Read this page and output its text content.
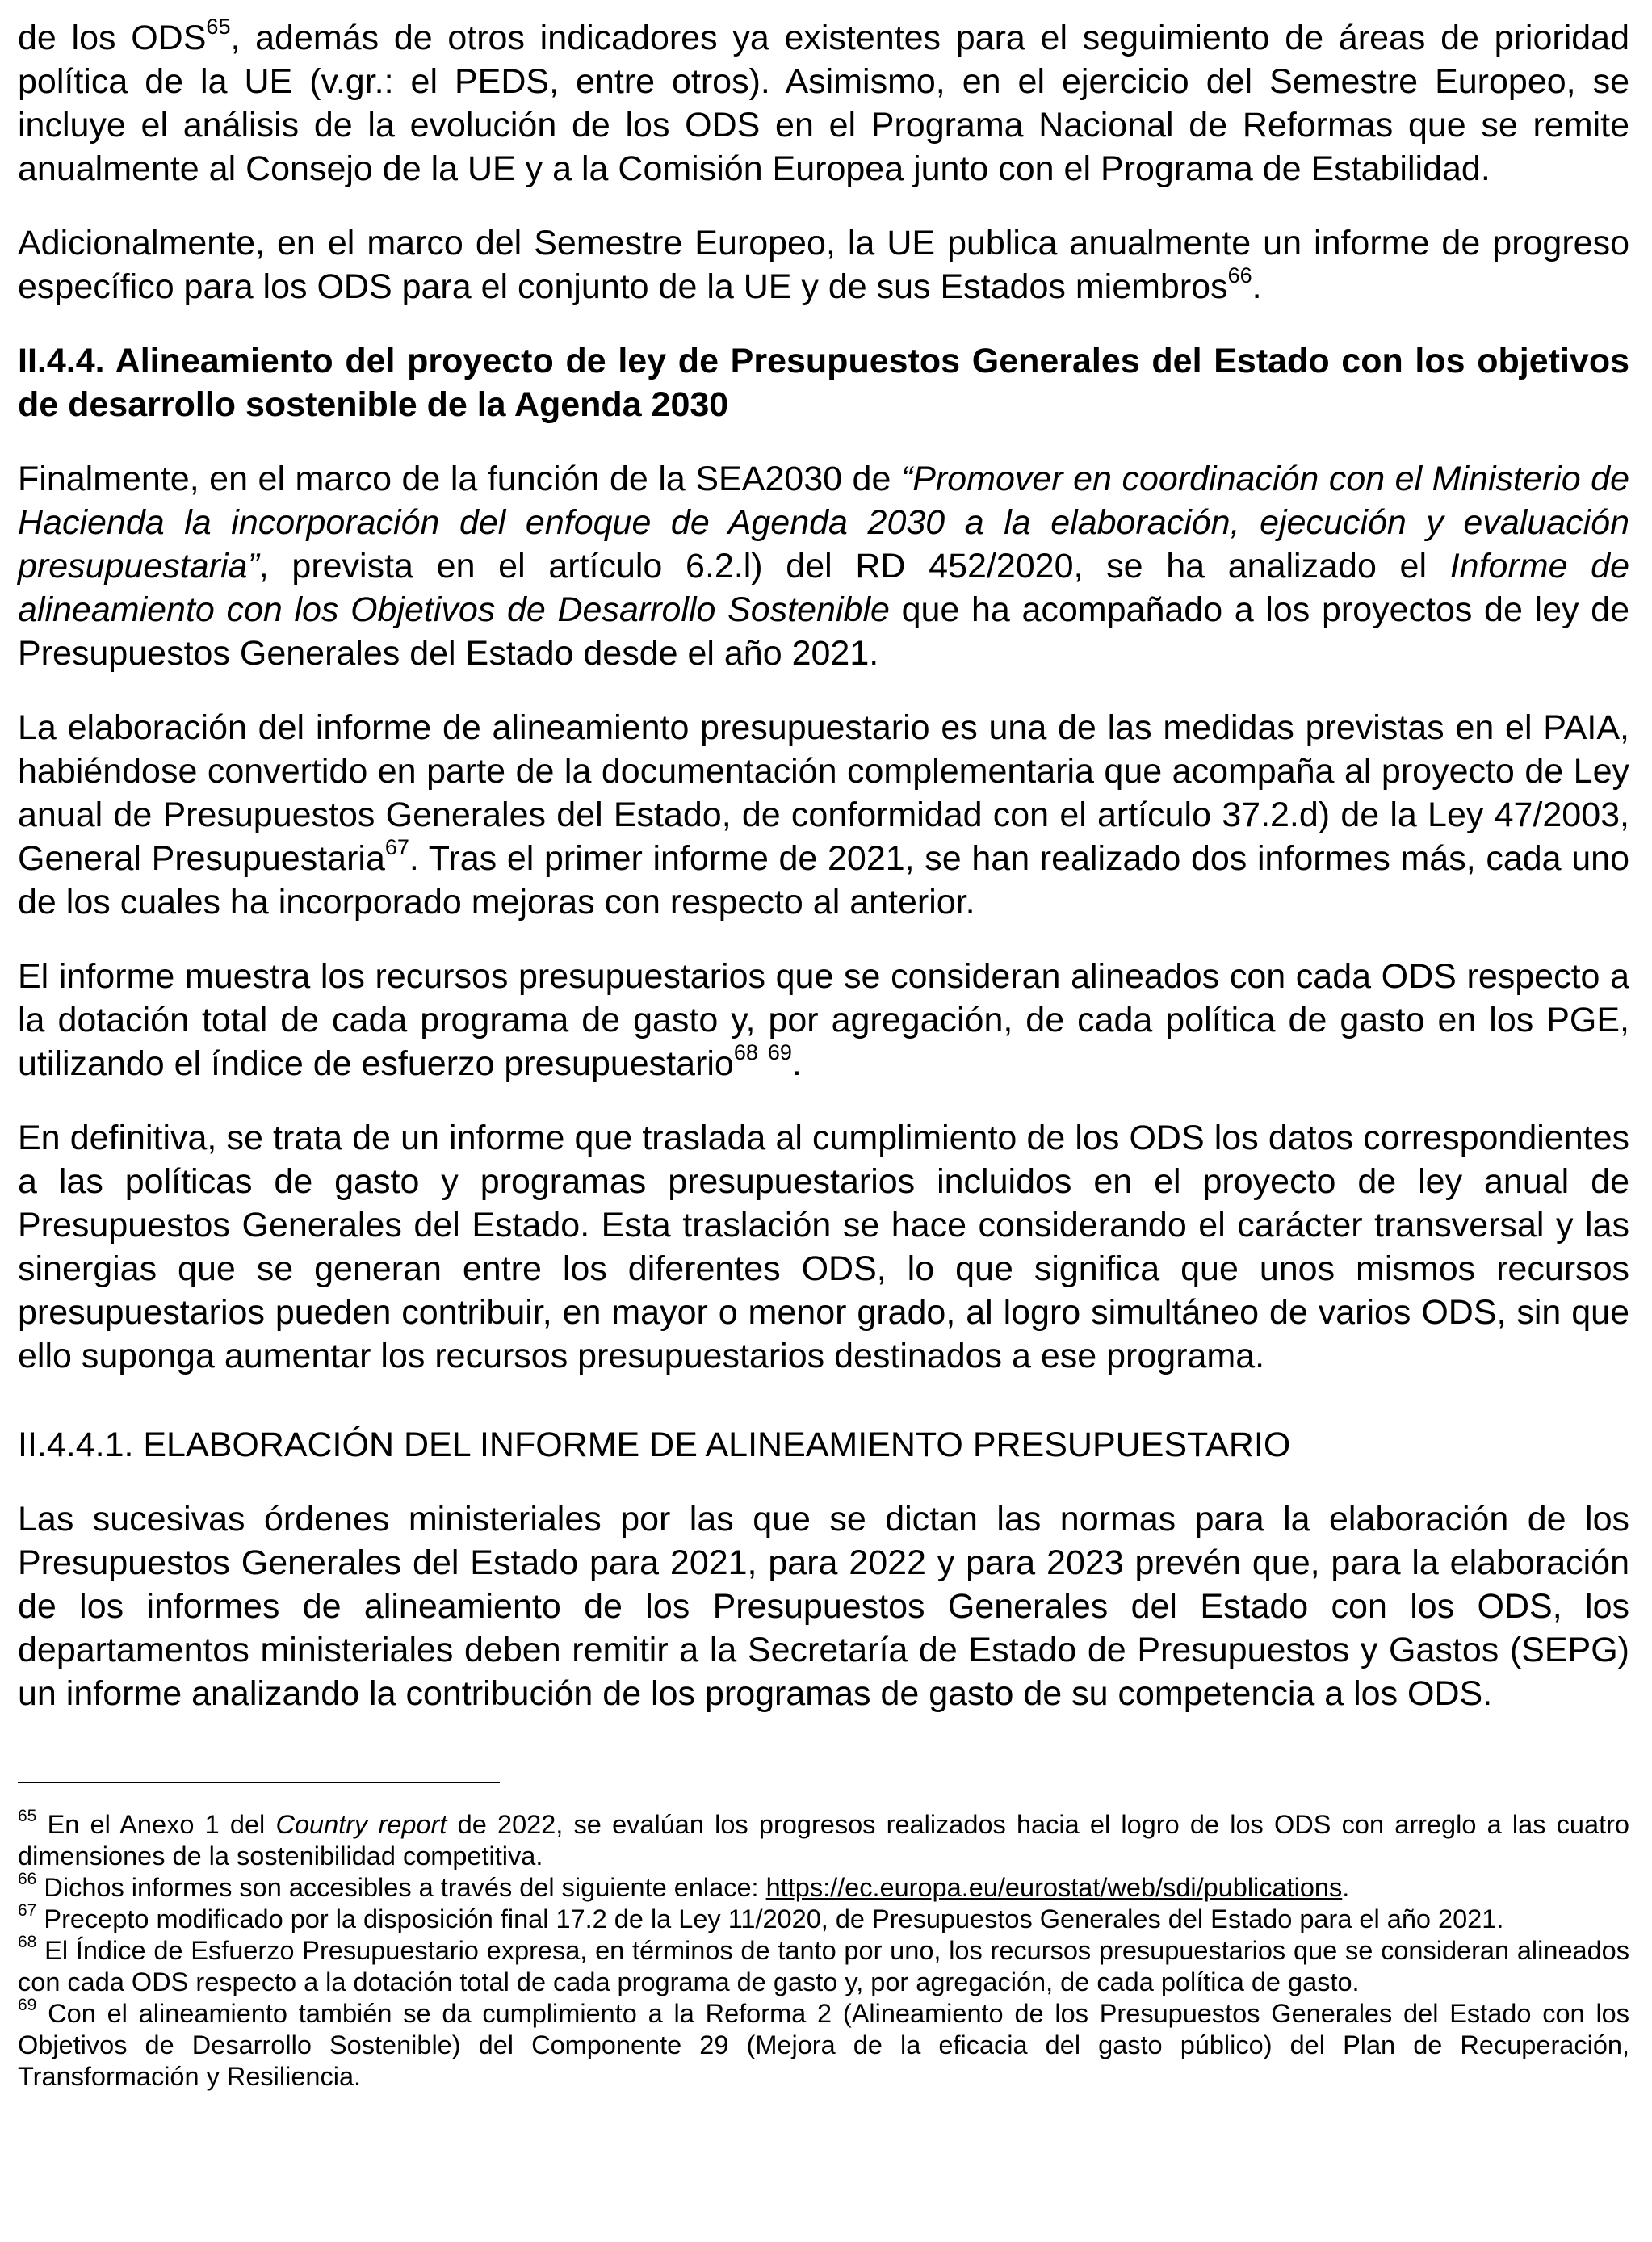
de los ODS$^{65}$, además de otros indicadores ya existentes para el seguimiento de áreas de prioridad política de la UE (v.gr.: el PEDS, entre otros). Asimismo, en el ejercicio del Semestre Europeo, se incluye el análisis de la evolución de los ODS en el Programa Nacional de Reformas que se remite anualmente al Consejo de la UE y a la Comisión Europea junto con el Programa de Estabilidad.

Adicionalmente, en el marco del Semestre Europeo, la UE publica anualmente un informe de progreso específico para los ODS para el conjunto de la UE y de sus Estados miembros$^{66}$.

II.4.4. Alineamiento del proyecto de ley de Presupuestos Generales del Estado con los objetivos de desarrollo sostenible de la Agenda 2030

Finalmente, en el marco de la función de la SEA2030 de “Promover en coordinación con el Ministerio de Hacienda la incorporación del enfoque de Agenda 2030 a la elaboración, ejecución y evaluación presupuestaria”, prevista en el artículo 6.2.l) del RD 452/2020, se ha analizado el Informe de alineamiento con los Objetivos de Desarrollo Sostenible que ha acompañado a los proyectos de ley de Presupuestos Generales del Estado desde el año 2021.

La elaboración del informe de alineamiento presupuestario es una de las medidas previstas en el PAIA, habiéndose convertido en parte de la documentación complementaria que acompaña al proyecto de Ley anual de Presupuestos Generales del Estado, de conformidad con el artículo 37.2.d) de la Ley 47/2003, General Presupuestaria$^{67}$. Tras el primer informe de 2021, se han realizado dos informes más, cada uno de los cuales ha incorporado mejoras con respecto al anterior.

El informe muestra los recursos presupuestarios que se consideran alineados con cada ODS respecto a la dotación total de cada programa de gasto y, por agregación, de cada política de gasto en los PGE, utilizando el índice de esfuerzo presupuestario$^{68}$ $^{69}$.

En definitiva, se trata de un informe que traslada al cumplimiento de los ODS los datos correspondientes a las políticas de gasto y programas presupuestarios incluidos en el proyecto de ley anual de Presupuestos Generales del Estado. Esta traslación se hace considerando el carácter transversal y las sinergias que se generan entre los diferentes ODS, lo que significa que unos mismos recursos presupuestarios pueden contribuir, en mayor o menor grado, al logro simultáneo de varios ODS, sin que ello suponga aumentar los recursos presupuestarios destinados a ese programa.

II.4.4.1. ELABORACIÓN DEL INFORME DE ALINEAMIENTO PRESUPUESTARIO

Las sucesivas órdenes ministeriales por las que se dictan las normas para la elaboración de los Presupuestos Generales del Estado para 2021, para 2022 y para 2023 prevén que, para la elaboración de los informes de alineamiento de los Presupuestos Generales del Estado con los ODS, los departamentos ministeriales deben remitir a la Secretaría de Estado de Presupuestos y Gastos (SEPG) un informe analizando la contribución de los programas de gasto de su competencia a los ODS.

$^{65}$ En el Anexo 1 del Country report de 2022, se evalúan los progresos realizados hacia el logro de los ODS con arreglo a las cuatro dimensiones de la sostenibilidad competitiva.

$^{66}$ Dichos informes son accesibles a través del siguiente enlace: https://ec.europa.eu/eurostat/web/sdi/publications.

$^{67}$ Precepto modificado por la disposición final 17.2 de la Ley 11/2020, de Presupuestos Generales del Estado para el año 2021.

$^{68}$ El Índice de Esfuerzo Presupuestario expresa, en términos de tanto por uno, los recursos presupuestarios que se consideran alineados con cada ODS respecto a la dotación total de cada programa de gasto y, por agregación, de cada política de gasto.

$^{69}$ Con el alineamiento también se da cumplimiento a la Reforma 2 (Alineamiento de los Presupuestos Generales del Estado con los Objetivos de Desarrollo Sostenible) del Componente 29 (Mejora de la eficacia del gasto público) del Plan de Recuperación, Transformación y Resiliencia.
